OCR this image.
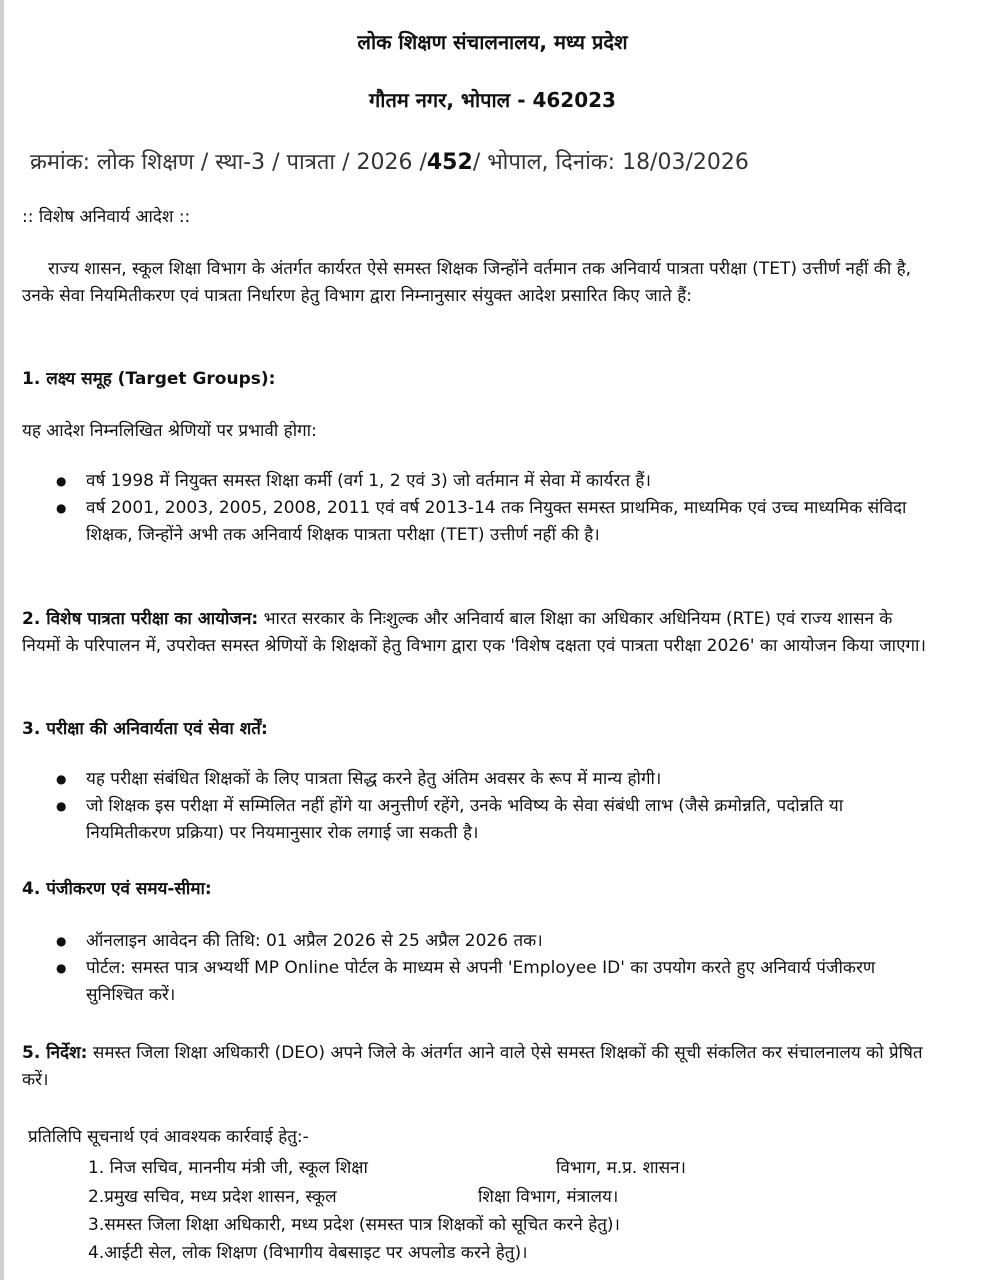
लोक शिक्षण संचालनालय, मध्य प्रदेश
गौतम नगर, भोपाल - 462023
क्रमांक: लोक शिक्षण / स्था-3 / पात्रता / 2026 /452/ भोपाल, दिनांक: 18/03/2026
:: विशेष अनिवार्य आदेश ::
राज्य शासन, स्कूल शिक्षा विभाग के अंतर्गत कार्यरत ऐसे समस्त शिक्षक जिन्होंने वर्तमान तक अनिवार्य पात्रता परीक्षा (TET) उत्तीर्ण नहीं की है, उनके सेवा नियमितीकरण एवं पात्रता निर्धारण हेतु विभाग द्वारा निम्नानुसार संयुक्त आदेश प्रसारित किए जाते हैं:
1. लक्ष्य समूह (Target Groups):
यह आदेश निम्नलिखित श्रेणियों पर प्रभावी होगा:
● वर्ष 1998 में नियुक्त समस्त शिक्षा कर्मी (वर्ग 1, 2 एवं 3) जो वर्तमान में सेवा में कार्यरत हैं।
● वर्ष 2001, 2003, 2005, 2008, 2011 एवं वर्ष 2013-14 तक नियुक्त समस्त प्राथमिक, माध्यमिक एवं उच्च माध्यमिक संविदा शिक्षक, जिन्होंने अभी तक अनिवार्य शिक्षक पात्रता परीक्षा (TET) उत्तीर्ण नहीं की है।
2. विशेष पात्रता परीक्षा का आयोजन: भारत सरकार के निःशुल्क और अनिवार्य बाल शिक्षा का अधिकार अधिनियम (RTE) एवं राज्य शासन के नियमों के परिपालन में, उपरोक्त समस्त श्रेणियों के शिक्षकों हेतु विभाग द्वारा एक 'विशेष दक्षता एवं पात्रता परीक्षा 2026' का आयोजन किया जाएगा।
3. परीक्षा की अनिवार्यता एवं सेवा शर्तें:
● यह परीक्षा संबंधित शिक्षकों के लिए पात्रता सिद्ध करने हेतु अंतिम अवसर के रूप में मान्य होगी।
● जो शिक्षक इस परीक्षा में सम्मिलित नहीं होंगे या अनुत्तीर्ण रहेंगे, उनके भविष्य के सेवा संबंधी लाभ (जैसे क्रमोन्नति, पदोन्नति या नियमितीकरण प्रक्रिया) पर नियमानुसार रोक लगाई जा सकती है।
4. पंजीकरण एवं समय-सीमा:
● ऑनलाइन आवेदन की तिथि: 01 अप्रैल 2026 से 25 अप्रैल 2026 तक।
● पोर्टल: समस्त पात्र अभ्यर्थी MP Online पोर्टल के माध्यम से अपनी 'Employee ID' का उपयोग करते हुए अनिवार्य पंजीकरण सुनिश्चित करें।
5. निर्देश: समस्त जिला शिक्षा अधिकारी (DEO) अपने जिले के अंतर्गत आने वाले ऐसे समस्त शिक्षकों की सूची संकलित कर संचालनालय को प्रेषित करें।
प्रतिलिपि सूचनार्थ एवं आवश्यक कार्रवाई हेतु:-
1. निज सचिव, माननीय मंत्री जी, स्कूल शिक्षा	विभाग, म.प्र. शासन।
2.प्रमुख सचिव, मध्य प्रदेश शासन, स्कूल	शिक्षा विभाग, मंत्रालय।
3.समस्त जिला शिक्षा अधिकारी, मध्य प्रदेश (समस्त पात्र शिक्षकों को सूचित करने हेतु)।
4.आईटी सेल, लोक शिक्षण (विभागीय वेबसाइट पर अपलोड करने हेतु)।
